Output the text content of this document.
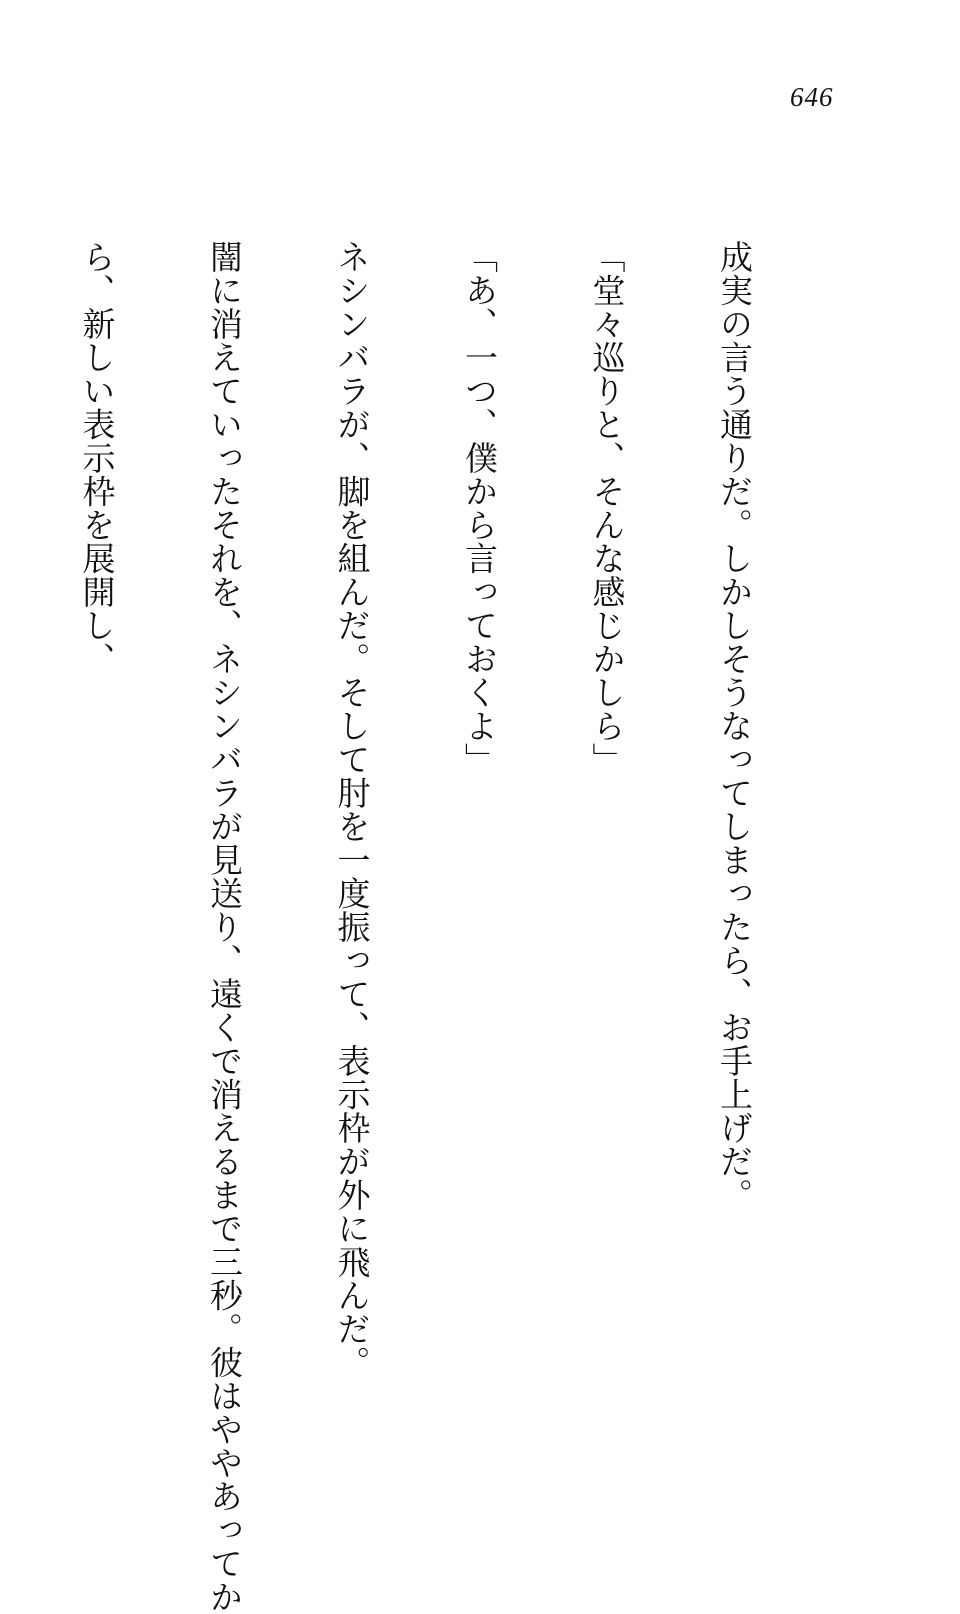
646

成実の言う通りだ。しかしそうなってしまったら、お手上げだ。

「堂々巡りと、そんな感じかしら」

「あ、一つ、僕から言っておくよ」

ネシンバラが、脚を組んだ。そして肘を一度振って、表示枠が外に飛んだ。

闇に消えていったそれを、ネシンバラが見送り、遠くで消えるまで三秒。彼はややあってか

ら、新しい表示枠を展開し、
